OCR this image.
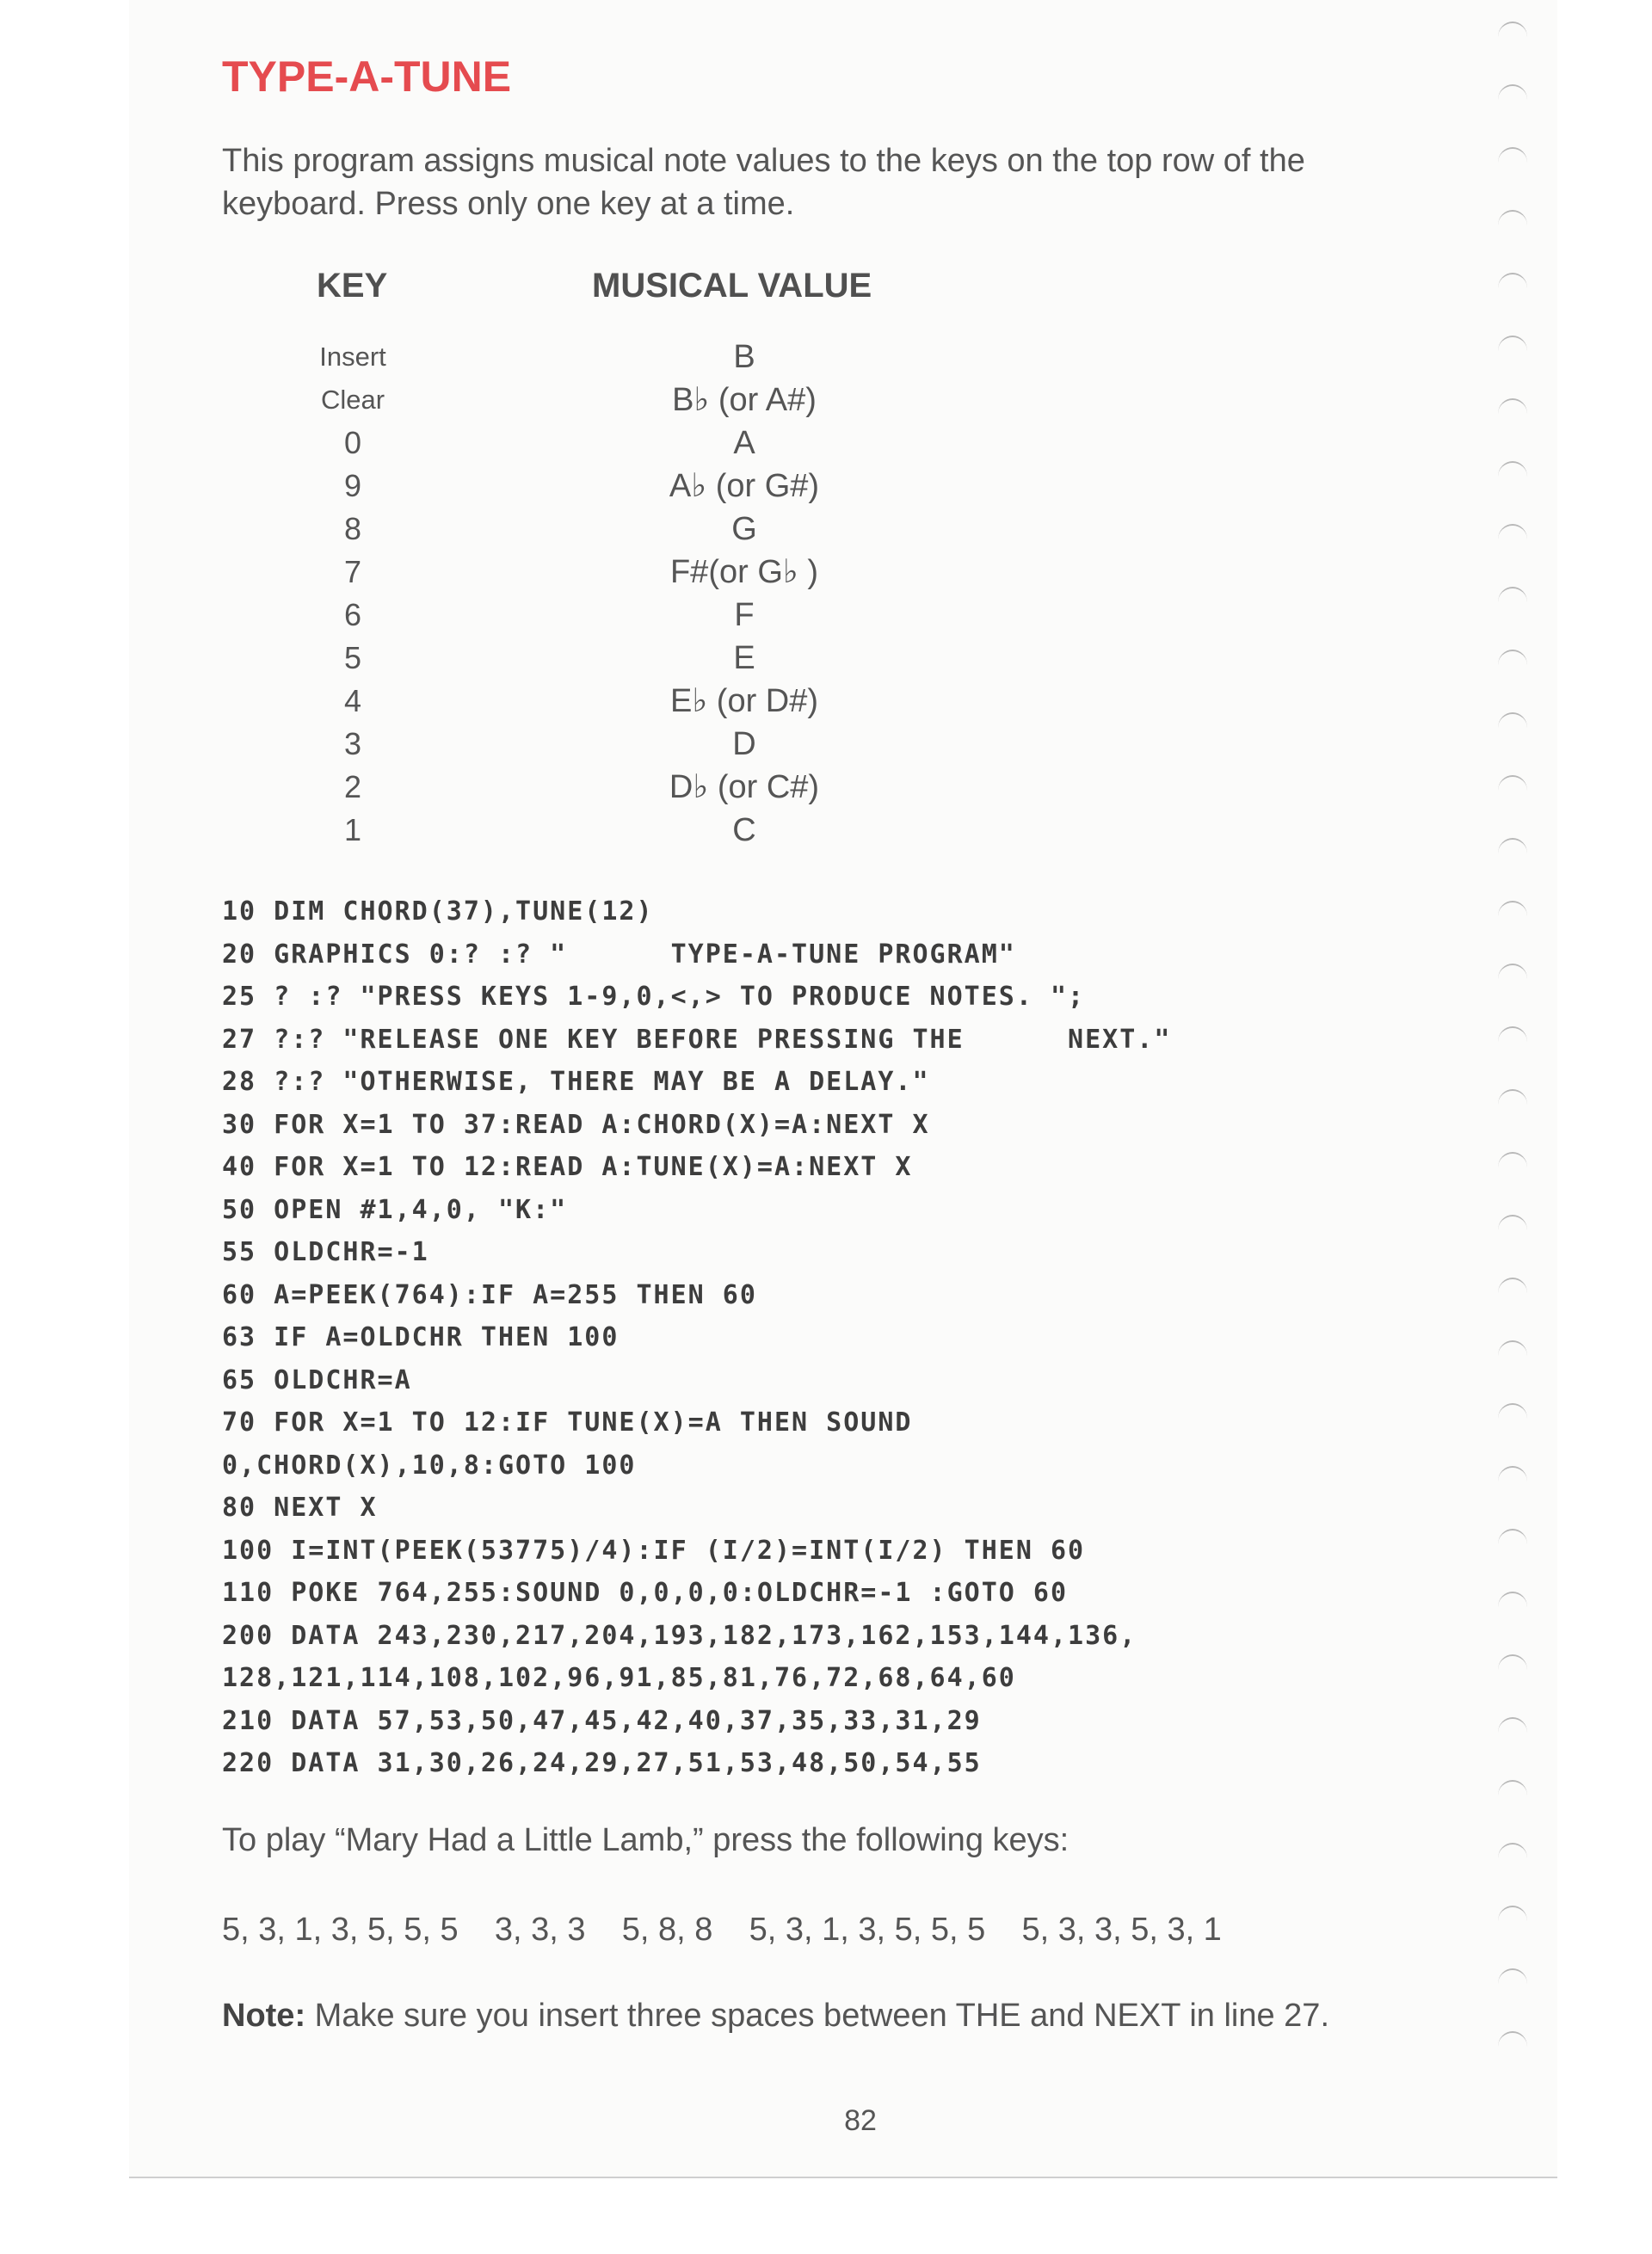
TYPE-A-TUNE

This program assigns musical note values to the keys on the top row of the keyboard. Press only one key at a time.

KEY	MUSICAL VALUE
Insert
Clear
0
9
8
7
6
5
4
3
2
1
B
B♭ (or A#)
A
A♭ (or G#)
G
F#(or G♭ )
F
E
E♭ (or D#)
D
D♭ (or C#)
C
10 DIM CHORD(37),TUNE(12)
20 GRAPHICS 0:? :? "      TYPE-A-TUNE PROGRAM"
25 ? :? "PRESS KEYS 1-9,0,<,> TO PRODUCE NOTES. ";
27 ?:? "RELEASE ONE KEY BEFORE PRESSING THE      NEXT."
28 ?:? "OTHERWISE, THERE MAY BE A DELAY."
30 FOR X=1 TO 37:READ A:CHORD(X)=A:NEXT X
40 FOR X=1 TO 12:READ A:TUNE(X)=A:NEXT X
50 OPEN #1,4,0, "K:"
55 OLDCHR=-1
60 A=PEEK(764):IF A=255 THEN 60
63 IF A=OLDCHR THEN 100
65 OLDCHR=A
70 FOR X=1 TO 12:IF TUNE(X)=A THEN SOUND
0,CHORD(X),10,8:GOTO 100
80 NEXT X
100 I=INT(PEEK(53775)/4):IF (I/2)=INT(I/2) THEN 60
110 POKE 764,255:SOUND 0,0,0,0:OLDCHR=-1 :GOTO 60
200 DATA 243,230,217,204,193,182,173,162,153,144,136,
128,121,114,108,102,96,91,85,81,76,72,68,64,60
210 DATA 57,53,50,47,45,42,40,37,35,33,31,29
220 DATA 31,30,26,24,29,27,51,53,48,50,54,55

To play “Mary Had a Little Lamb,” press the following keys:

5, 3, 1, 3, 5, 5, 5    3, 3, 3    5, 8, 8    5, 3, 1, 3, 5, 5, 5    5, 3, 3, 5, 3, 1

Note: Make sure you insert three spaces between THE and NEXT in line 27.

82
